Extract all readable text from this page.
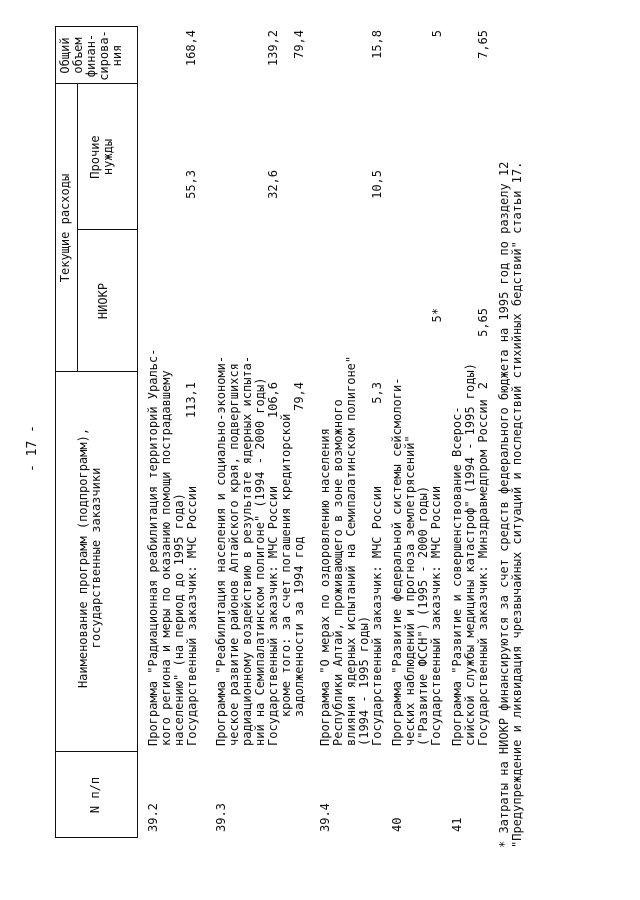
- 17 -
N п/п
Наименование программ (подпрограмм), государственные заказчики
Текущие расходы
НИОКР
Прочие
нужды
Общий
объем
финан-
сирова-
ния
39.2
Программа "Радиационная реабилитация территорий Уральс-
кого региона и меры по оказанию помощи пострадавшему
населению" (на период до 1995 года)
Государственный заказчик: МЧС России
113,1
55,3
168,4
39.3
Программа "Реабилитация населения и социально-экономи-
ческое развитие районов Алтайского края, подвергшихся
радиационному воздействию в результате ядерных испыта-
ний на Семипалатинском полигоне" (1994 - 2000 годы)
Государственный заказчик: МЧС России
кроме того: за счет погашения кредиторской
задолженности за 1994 год
106,6 79,4
32,6
139,2 79,4
39.4
Программа "О мерах по оздоровлению населения
Республики Алтай, проживающего в зоне возможного
влияния ядерных испытаний на Семипалатинском полигоне"
(1994 - 1995 годы)
Государственный заказчик: МЧС России
5,3
10,5
15,8
40
Программа "Развитие федеральной системы сейсмологи-
ческих наблюдений и прогноза землетрясений"
("Развитие ФССН") (1995 - 2000 годы)
Государственный заказчик: МЧС России
5*
5
41
Программа "Развитие и совершенствование Всерос-
сийской службы медицины катастроф" (1994 - 1995 годы)
Государственный заказчик: Минздравмедпром России
2
5,65
7,65
* Затраты на НИОКР финансируются за счет средств федерального бюджета на 1995 год по разделу 12
"Предупреждение и ликвидация чрезвычайных ситуаций и последствий стихийных бедствий" статьи 17.
